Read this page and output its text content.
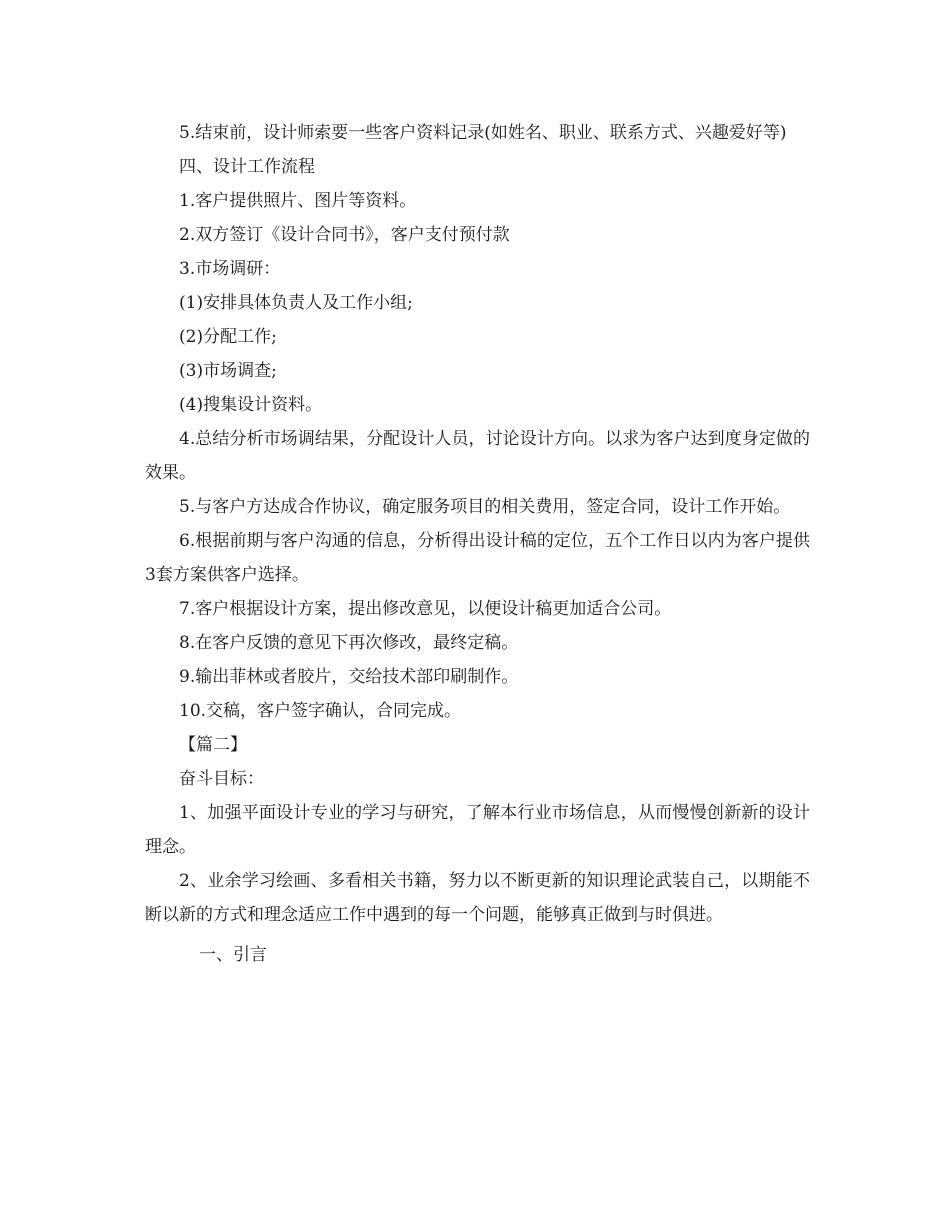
5.结束前，设计师索要一些客户资料记录(如姓名、职业、联系方式、兴趣爱好等)

四、设计工作流程

1.客户提供照片、图片等资料。

2.双方签订《设计合同书》，客户支付预付款

3.市场调研：

(1)安排具体负责人及工作小组;

(2)分配工作;

(3)市场调查;

(4)搜集设计资料。

4.总结分析市场调结果，分配设计人员，讨论设计方向。以求为客户达到度身定做的效果。

5.与客户方达成合作协议，确定服务项目的相关费用，签定合同，设计工作开始。

6.根据前期与客户沟通的信息，分析得出设计稿的定位，五个工作日以内为客户提供3套方案供客户选择。

7.客户根据设计方案，提出修改意见，以便设计稿更加适合公司。

8.在客户反馈的意见下再次修改，最终定稿。

9.输出菲林或者胶片，交给技术部印刷制作。

10.交稿，客户签字确认，合同完成。

【篇二】

奋斗目标：

1、加强平面设计专业的学习与研究，了解本行业市场信息，从而慢慢创新新的设计理念。

2、业余学习绘画、多看相关书籍，努力以不断更新的知识理论武装自己，以期能不断以新的方式和理念适应工作中遇到的每一个问题，能够真正做到与时俱进。

一、引言
